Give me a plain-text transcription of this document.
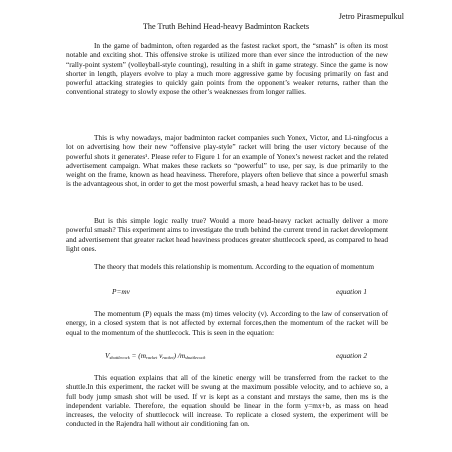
Jetro Pirasmepulkul
The Truth Behind Head-heavy Badminton Rackets

In the game of badminton, often regarded as the fastest racket sport, the “smash” is often its most notable and exciting shot. This offensive stroke is utilized more than ever since the introduction of the new “rally-point system” (volleyball-style counting), resulting in a shift in game strategy. Since the game is now shorter in length, players evolve to play a much more aggressive game by focusing primarily on fast and powerful attacking strategies to quickly gain points from the opponent’s weaker returns, rather than the conventional strategy to slowly expose the other’s weaknesses from longer rallies.

This is why nowadays, major badminton racket companies such Yonex, Victor, and Li-ningfocus a lot on advertising how their new “offensive play-style” racket will bring the user victory because of the powerful shots it generates¹. Please refer to Figure 1 for an example of Yonex’s newest racket and the related advertisement campaign. What makes these rackets so “powerful” to use, per say, is due primarily to the weight on the frame, known as head heaviness. Therefore, players often believe that since a powerful smash is the advantageous shot, in order to get the most powerful smash, a head heavy racket has to be used.

But is this simple logic really true? Would a more head-heavy racket actually deliver a more powerful smash? This experiment aims to investigate the truth behind the current trend in racket development and advertisement that greater racket head heaviness produces greater shuttlecock speed, as compared to head light ones.

The theory that models this relationship is momentum. According to the equation of momentum

P=mv	equation 1

The momentum (P) equals the mass (m) times velocity (v). According to the law of conservation of energy, in a closed system that is not affected by external forces,then the momentum of the racket will be equal to the momentum of the shuttlecock. This is seen in the equation:

$V_{shuttlecock} = (m_{racket}$ $v_{racket}$) $/m_{shuttlecock}$	equation 2

This equation explains that all of the kinetic energy will be transferred from the racket to the shuttle.In this experiment, the racket will be swung at the maximum possible velocity, and to achieve so, a full body jump smash shot will be used. If vr is kept as a constant and mrstays the same, then ms is the independent variable. Therefore, the equation should be linear in the form y=mx+b, as mass on head increases, the velocity of shuttlecock will increase. To replicate a closed system, the experiment will be conducted in the Rajendra hall without air conditioning fan on.
